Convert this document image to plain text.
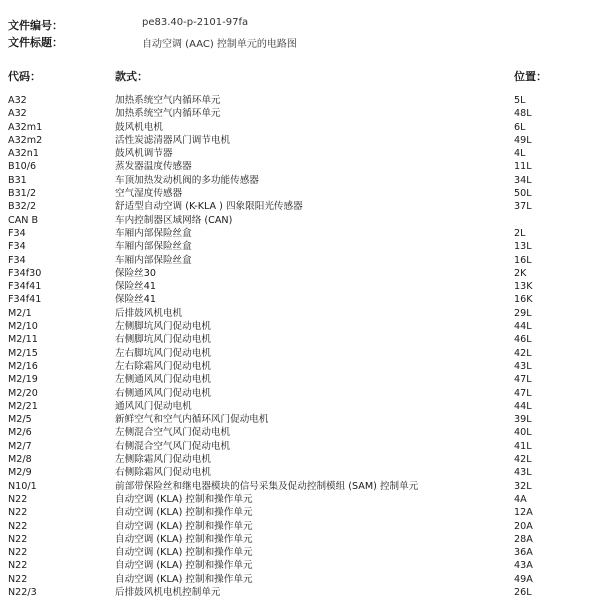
文件编号：	pe83.40-p-2101-97fa
文件标题：	自动空调 (AAC) 控制单元的电路图
代码：	款式：	位置：
A32	加热系统空气内循环单元	5L
A32	加热系统空气内循环单元	48L
A32m1	鼓风机电机	6L
A32m2	活性炭滤清器风门调节电机	49L
A32n1	鼓风机调节器	4L
B10/6	蒸发器温度传感器	11L
B31	车顶加热发动机阀的多功能传感器	34L
B31/2	空气湿度传感器	50L
B32/2	舒适型自动空调 (K-KLA ) 四象限阳光传感器	37L
CAN B	车内控制器区域网络 (CAN)
F34	车厢内部保险丝盒	2L
F34	车厢内部保险丝盒	13L
F34	车厢内部保险丝盒	16L
F34f30	保险丝30	2K
F34f41	保险丝41	13K
F34f41	保险丝41	16K
M2/1	后排鼓风机电机	29L
M2/10	左侧脚坑风门促动电机	44L
M2/11	右侧脚坑风门促动电机	46L
M2/15	左右脚坑风门促动电机	42L
M2/16	左右除霜风门促动电机	43L
M2/19	左侧通风风门促动电机	47L
M2/20	右侧通风风门促动电机	47L
M2/21	通风风门促动电机	44L
M2/5	新鲜空气和空气内循环风门促动电机	39L
M2/6	左侧混合空气风门促动电机	40L
M2/7	右侧混合空气风门促动电机	41L
M2/8	左侧除霜风门促动电机	42L
M2/9	右侧除霜风门促动电机	43L
N10/1	前部带保险丝和继电器模块的信号采集及促动控制模组 (SAM) 控制单元	32L
N22	自动空调 (KLA) 控制和操作单元	4A
N22	自动空调 (KLA) 控制和操作单元	12A
N22	自动空调 (KLA) 控制和操作单元	20A
N22	自动空调 (KLA) 控制和操作单元	28A
N22	自动空调 (KLA) 控制和操作单元	36A
N22	自动空调 (KLA) 控制和操作单元	43A
N22	自动空调 (KLA) 控制和操作单元	49A
N22/3	后排鼓风机电机控制单元	26L
